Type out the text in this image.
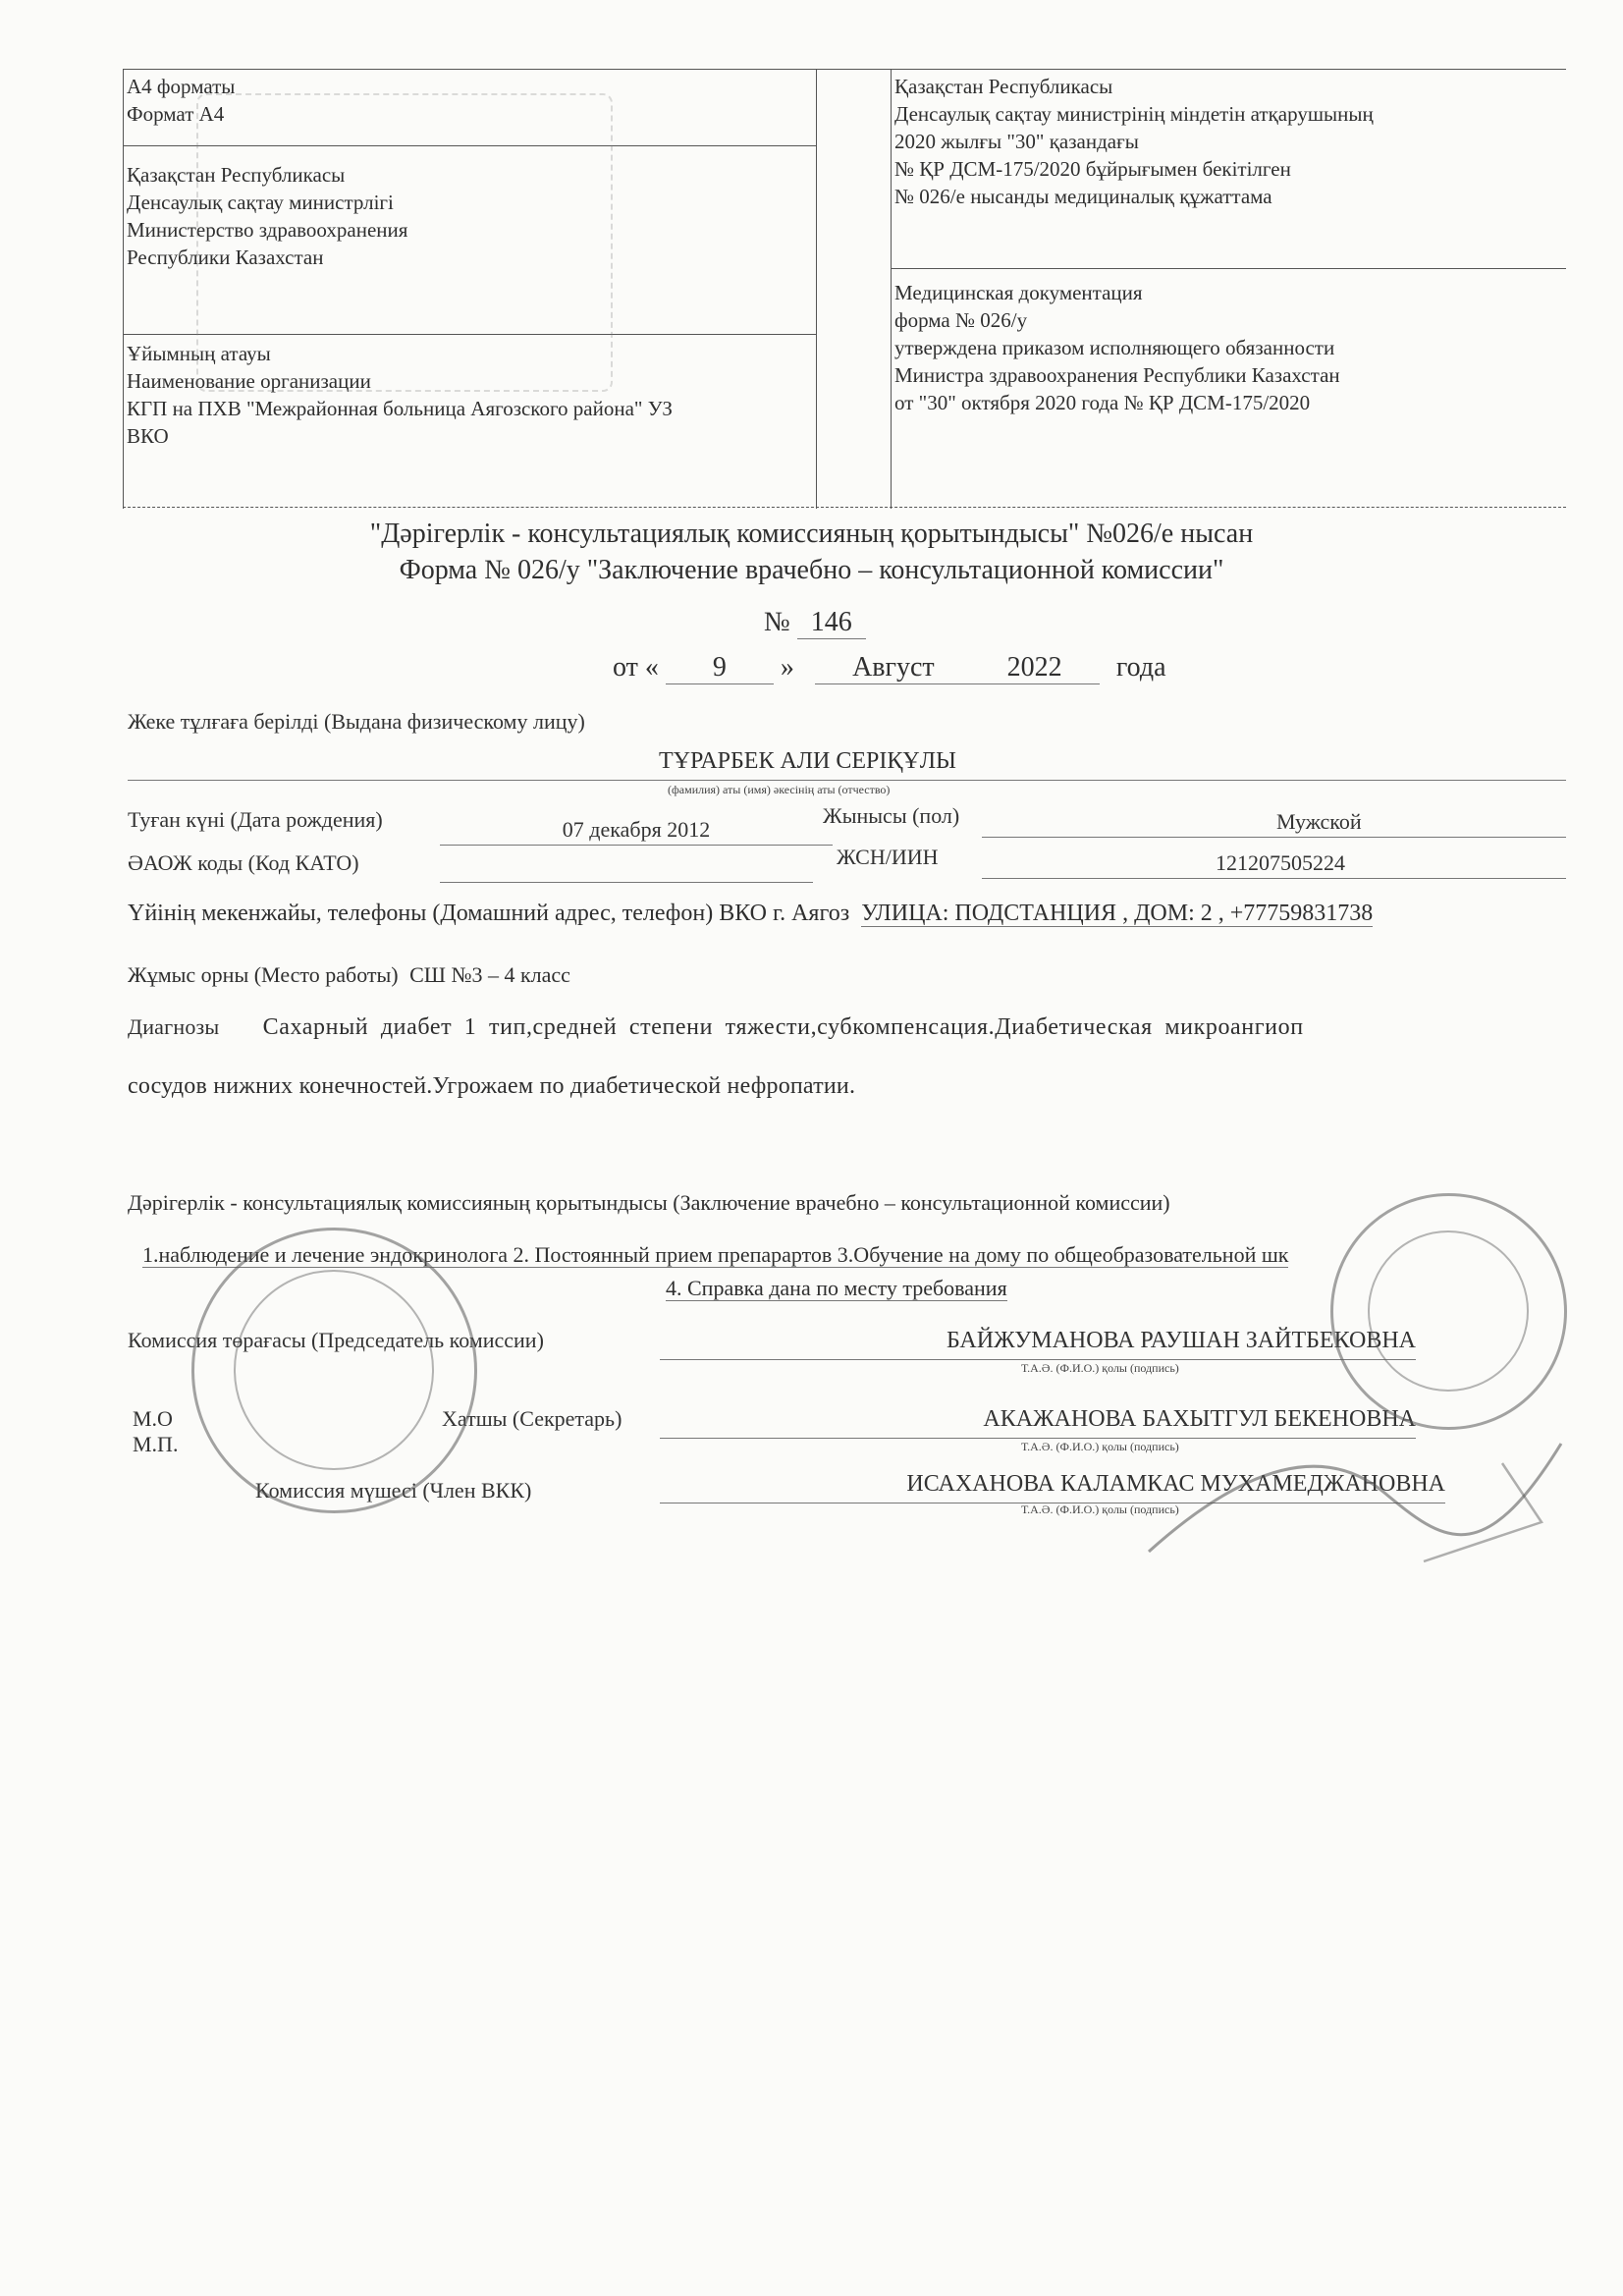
А4 форматы
Формат А4
Қазақстан Республикасы
Денсаулық сақтау министрлігі
Министерство здравоохранения
Республики Казахстан
Ұйымның атауы
Наименование организации
КГП на ПХВ "Межрайонная больница Аягозского района" УЗ
ВКО
Қазақстан Республикасы
Денсаулық сақтау министрінің міндетін атқарушының
2020 жылғы "30" қазандағы
№ ҚР ДСМ-175/2020 бұйрығымен бекітілген
№ 026/е нысанды медициналық құжаттама
Медицинская документация
форма № 026/у
утверждена приказом исполняющего обязанности
Министра здравоохранения Республики Казахстан
от "30" октября 2020 года № ҚР ДСМ-175/2020
"Дәрігерлік - консультациялық комиссияның қорытындысы" №026/е нысан
Форма № 026/у "Заключение врачебно – консультационной комиссии"
№ 146
от « 9 » Август	2022 года
Жеке тұлғаға берілді (Выдана физическому лицу)
ТҰРАРБЕК АЛИ СЕРІҚҰЛЫ
(фамилия) аты (имя) әкесінің аты (отчество)
Туған күні (Дата рождения)	07 декабря 2012
Жынысы (пол)	Мужской
ӘАОЖ коды (Код КАТО)	ЖСН/ИИН	121207505224
Үйінің мекенжайы, телефоны (Домашний адрес, телефон) ВКО г. Аягоз УЛИЦА: ПОДСТАНЦИЯ , ДОМ: 2 , +77759831738
Жұмыс орны (Место работы) СШ №3 – 4 класс
Диагнозы Сахарный диабет 1 тип,средней степени тяжести,субкомпенсация.Диабетическая микроангиоп
сосудов нижних конечностей.Угрожаем по диабетической нефропатии.
Дәрігерлік - консультациялық комиссияның қорытындысы (Заключение врачебно – консультационной комиссии)
1.наблюдение и лечение эндокринолога 2. Постоянный прием препарартов 3.Обучение на дому по общеобразовательной шк
4. Справка дана по месту требования
Комиссия төрағасы (Председатель комиссии)	БАЙЖУМАНОВА РАУШАН ЗАЙТБЕКОВНА
Т.А.Ә. (Ф.И.О.) қолы (подпись)
М.О
М.П.
Хатшы (Секретарь)	АКАЖАНОВА БАХЫТГУЛ БЕКЕНОВНА
Т.А.Ә. (Ф.И.О.) қолы (подпись)
Комиссия мүшесі (Член ВКК)	ИСАХАНОВА КАЛАМКАС МУХАМЕДЖАНОВНА
Т.А.Ә. (Ф.И.О.) қолы (подпись)
